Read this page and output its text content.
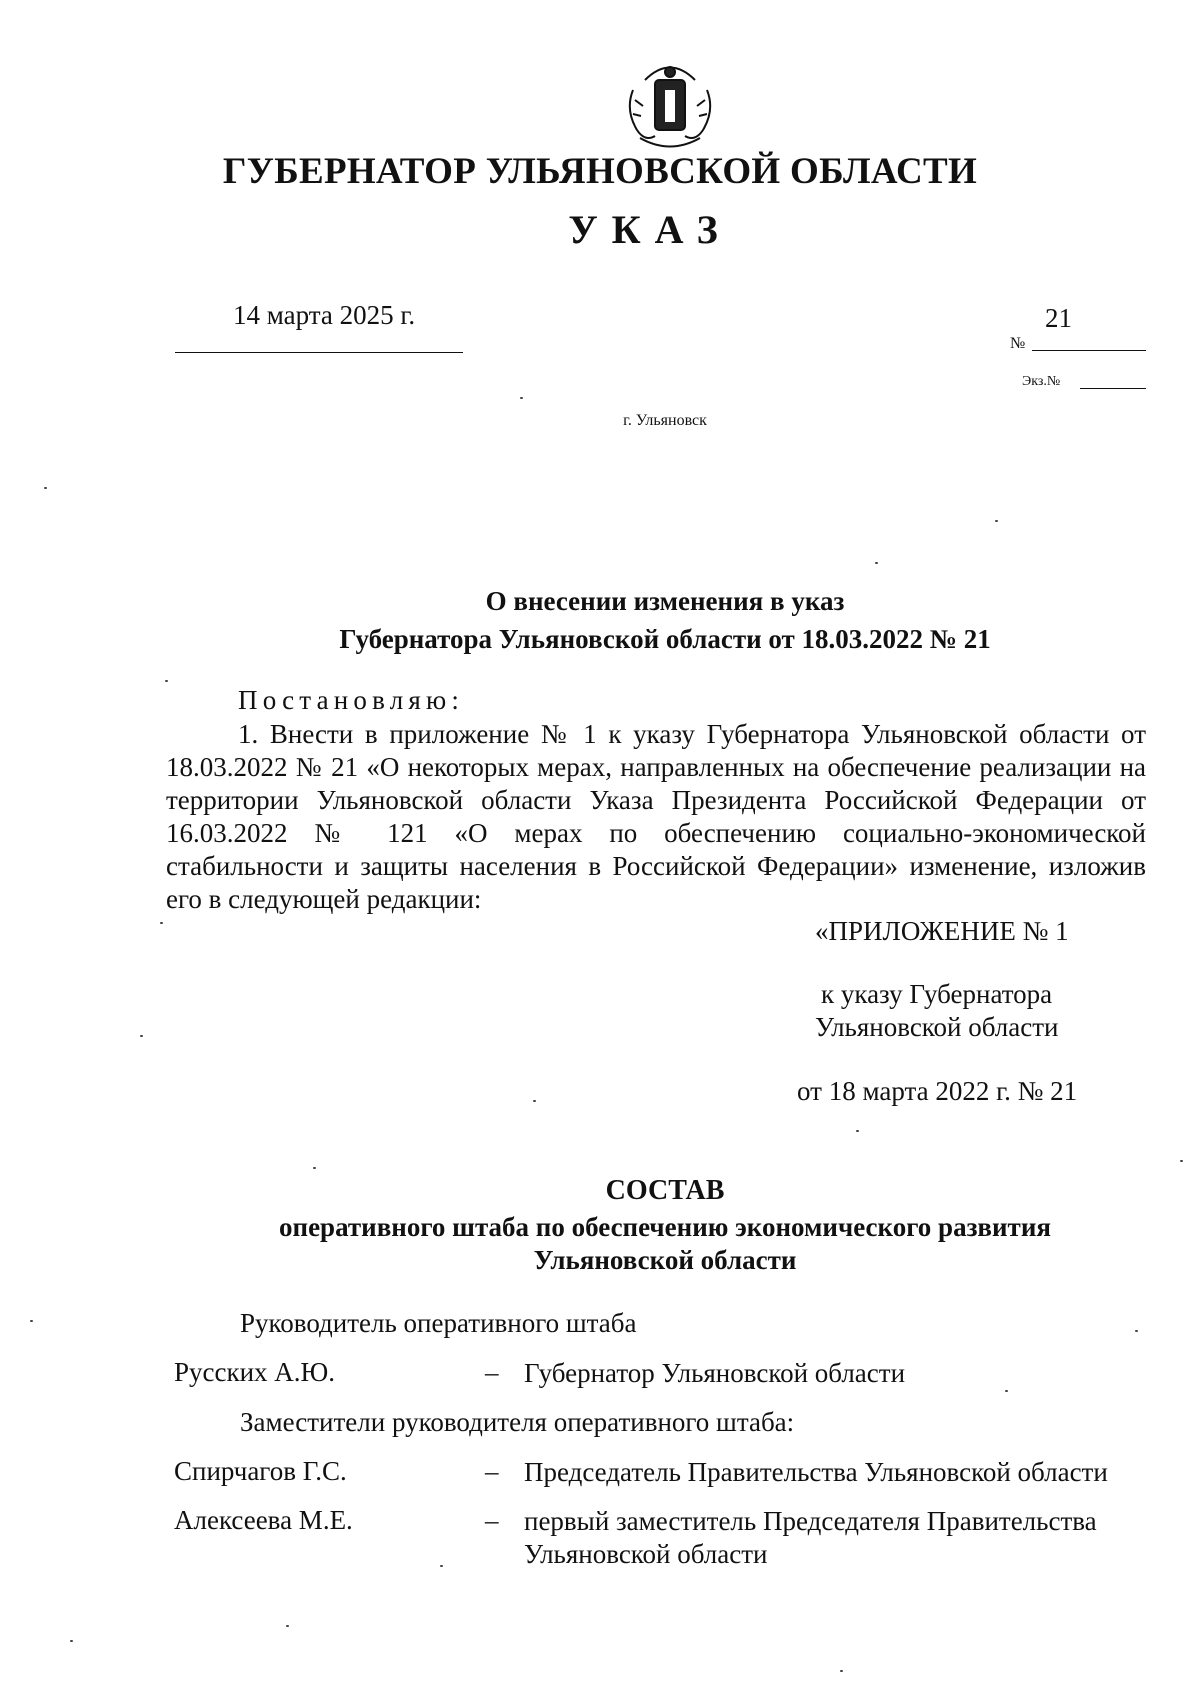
ГУБЕРНАТОР УЛЬЯНОВСКОЙ ОБЛАСТИ
УКАЗ
14 марта 2025 г.	21
№
Экз.№
г. Ульяновск
О внесении изменения в указ
Губернатора Ульяновской области от 18.03.2022 № 21
Постановляю:
1. Внести в приложение № 1 к указу Губернатора Ульяновской области от 18.03.2022 № 21 «О некоторых мерах, направленных на обеспечение реализации на территории Ульяновской области Указа Президента Российской Федерации от 16.03.2022 № 121 «О мерах по обеспечению социально-экономической стабильности и защиты населения в Российской Федерации» изменение, изложив его в следующей редакции:
«ПРИЛОЖЕНИЕ № 1
к указу Губернатора
Ульяновской области
от 18 марта 2022 г. № 21
СОСТАВ
оперативного штаба по обеспечению экономического развития
Ульяновской области
Руководитель оперативного штаба
Русских А.Ю.	– Губернатор Ульяновской области
Заместители руководителя оперативного штаба:
Спирчагов Г.С.	– Председатель Правительства Ульяновской области
Алексеева М.Е.	– первый заместитель Председателя Правительства Ульяновской области
